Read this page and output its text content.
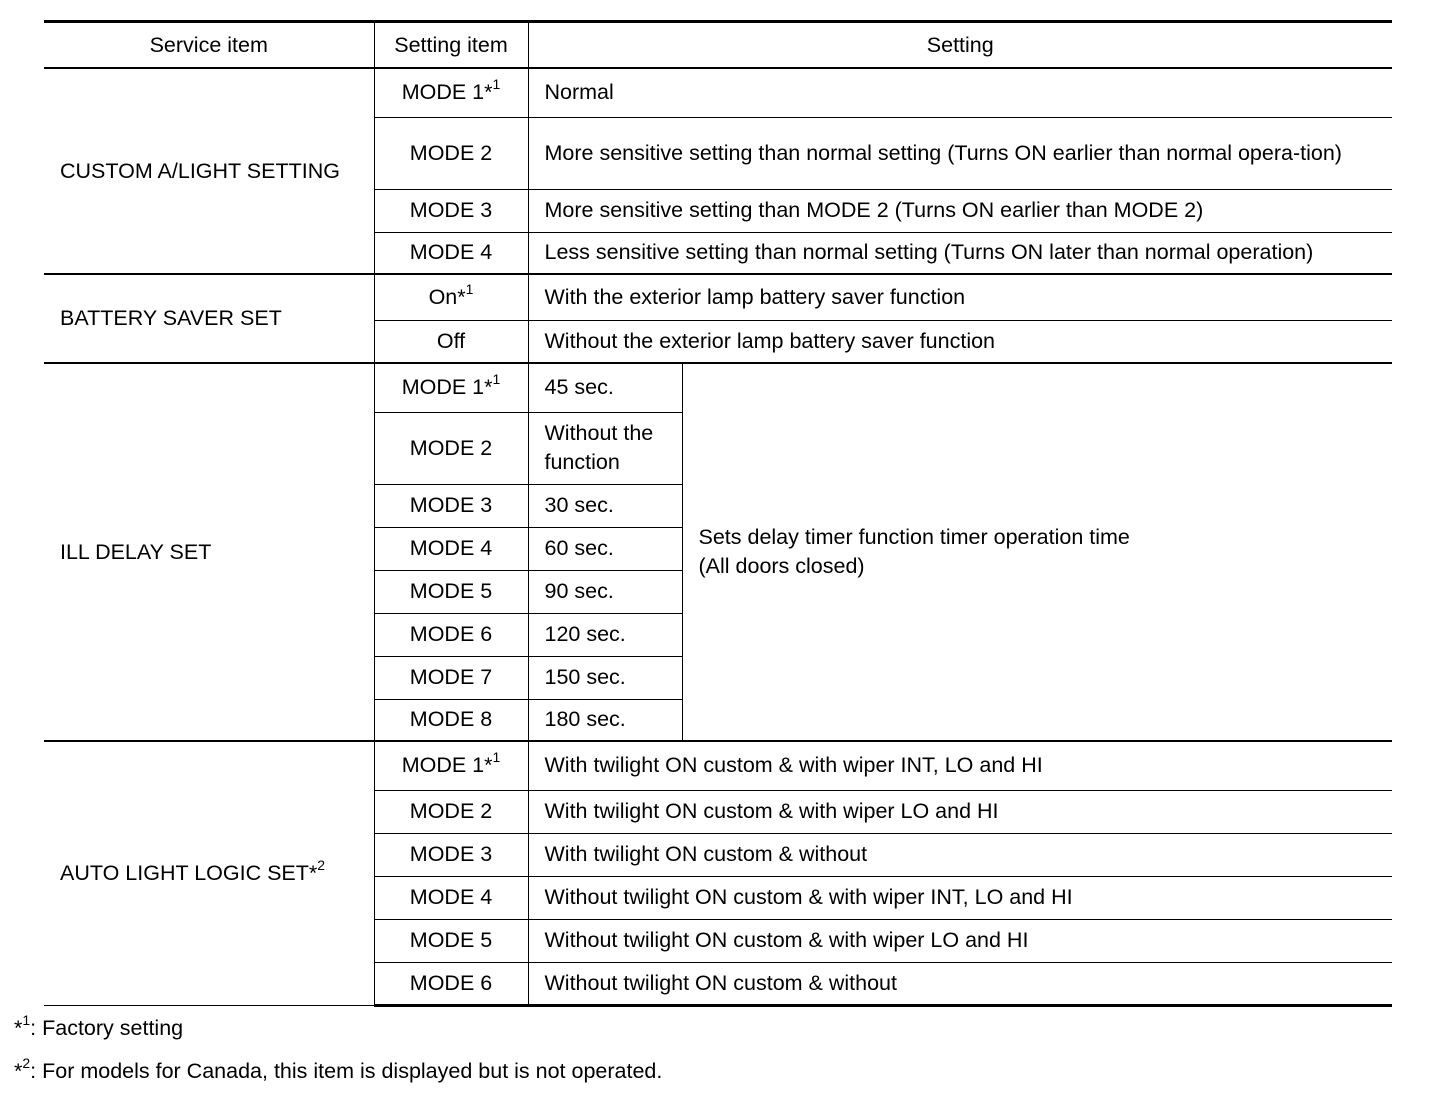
Service item	Setting item	Setting	
CUSTOM A/LIGHT SETTING	MODE 1*$^1$	Normal	
	MODE 2	More sensitive setting than normal setting (Turns ON earlier than normal opera-tion)	
	MODE 3	More sensitive setting than MODE 2 (Turns ON earlier than MODE 2)	
	MODE 4	Less sensitive setting than normal setting (Turns ON later than normal operation)	
BATTERY SAVER SET	On*$^1$	With the exterior lamp battery saver function	
	Off	Without the exterior lamp battery saver function	
ILL DELAY SET	MODE 1*$^1$	45 sec.	Sets delay timer function timer operation time
(All doors closed)

	MODE 2	Without the function	
	MODE 3	30 sec.	
	MODE 4	60 sec.	
	MODE 5	90 sec.	
	MODE 6	120 sec.	
	MODE 7	150 sec.	
	MODE 8	180 sec.	
AUTO LIGHT LOGIC SET*$^2$	MODE 1*$^1$	With twilight ON custom & with wiper INT, LO and HI	
	MODE 2	With twilight ON custom & with wiper LO and HI	
	MODE 3	With twilight ON custom & without	
	MODE 4	Without twilight ON custom & with wiper INT, LO and HI	
	MODE 5	Without twilight ON custom & with wiper LO and HI	
	MODE 6	Without twilight ON custom & without	
*$^1$: Factory setting
*$^2$: For models for Canada, this item is displayed but is not operated.
